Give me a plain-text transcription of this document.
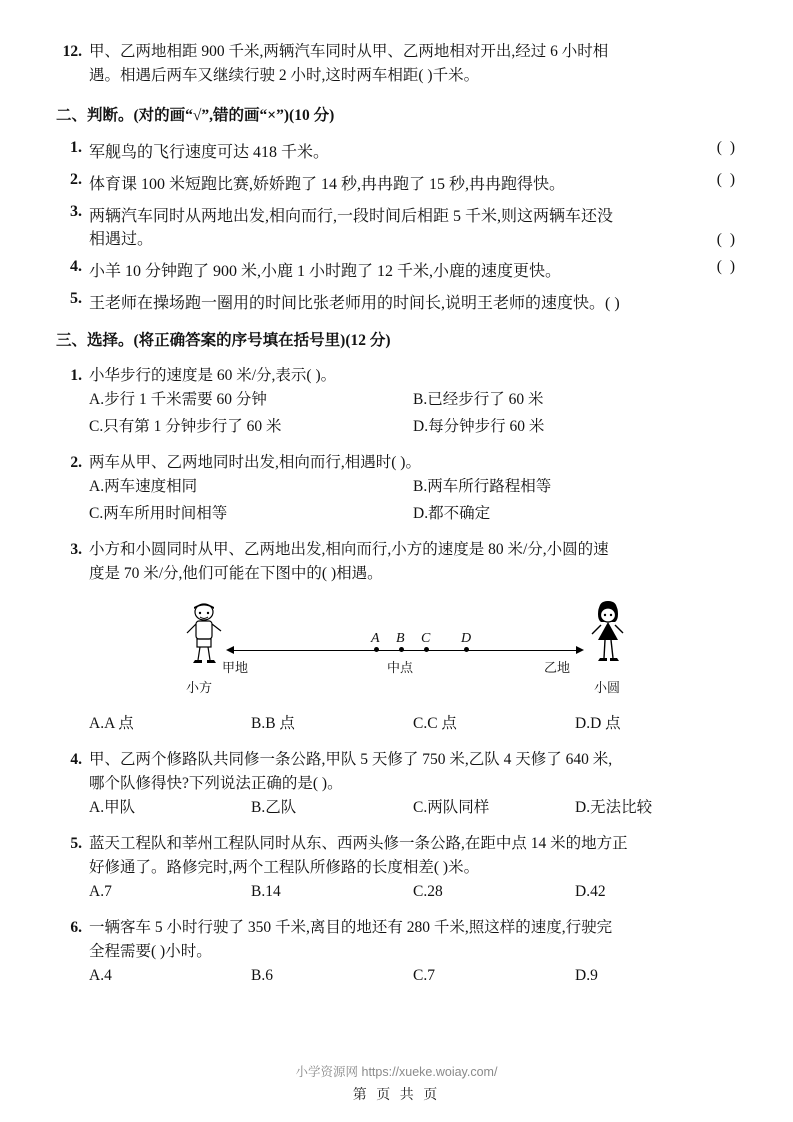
12. 甲、乙两地相距 900 千米,两辆汽车同时从甲、乙两地相对开出,经过 6 小时相
遇。相遇后两车又继续行驶 2 小时,这时两车相距( )千米。
二、判断。(对的画“√”,错的画“×”)(10 分)
1. 军舰鸟的飞行速度可达 418 千米。	( )
2. 体育课 100 米短跑比赛,娇娇跑了 14 秒,冉冉跑了 15 秒,冉冉跑得快。	( )
3. 两辆汽车同时从两地出发,相向而行,一段时间后相距 5 千米,则这两辆车还没
相遇过。	( )
4. 小羊 10 分钟跑了 900 米,小鹿 1 小时跑了 12 千米,小鹿的速度更快。	( )
5. 王老师在操场跑一圈用的时间比张老师用的时间长,说明王老师的速度快。( )
三、选择。(将正确答案的序号填在括号里)(12 分)
1. 小华步行的速度是 60 米/分,表示( )。
A.步行 1 千米需要 60 分钟	B.已经步行了 60 米
C.只有第 1 分钟步行了 60 米	D.每分钟步行 60 米
2. 两车从甲、乙两地同时出发,相向而行,相遇时( )。
A.两车速度相同	B.两车所行路程相等
C.两车所用时间相等	D.都不确定
3. 小方和小圆同时从甲、乙两地出发,相向而行,小方的速度是 80 米/分,小圆的速
度是 70 米/分,他们可能在下图中的( )相遇。
A B C D
甲地	中点	乙地
小方	小圆
A.A 点	B.B 点	C.C 点	D.D 点
4. 甲、乙两个修路队共同修一条公路,甲队 5 天修了 750 米,乙队 4 天修了 640 米,
哪个队修得快?下列说法正确的是( )。
A.甲队	B.乙队	C.两队同样	D.无法比较
5. 蓝天工程队和莘州工程队同时从东、西两头修一条公路,在距中点 14 米的地方正
好修通了。路修完时,两个工程队所修路的长度相差( )米。
A.7	B.14	C.28	D.42
6. 一辆客车 5 小时行驶了 350 千米,离目的地还有 280 千米,照这样的速度,行驶完
全程需要( )小时。
A.4	B.6	C.7	D.9
小学资源网 https://xueke.woiay.com/
第 页 共 页
